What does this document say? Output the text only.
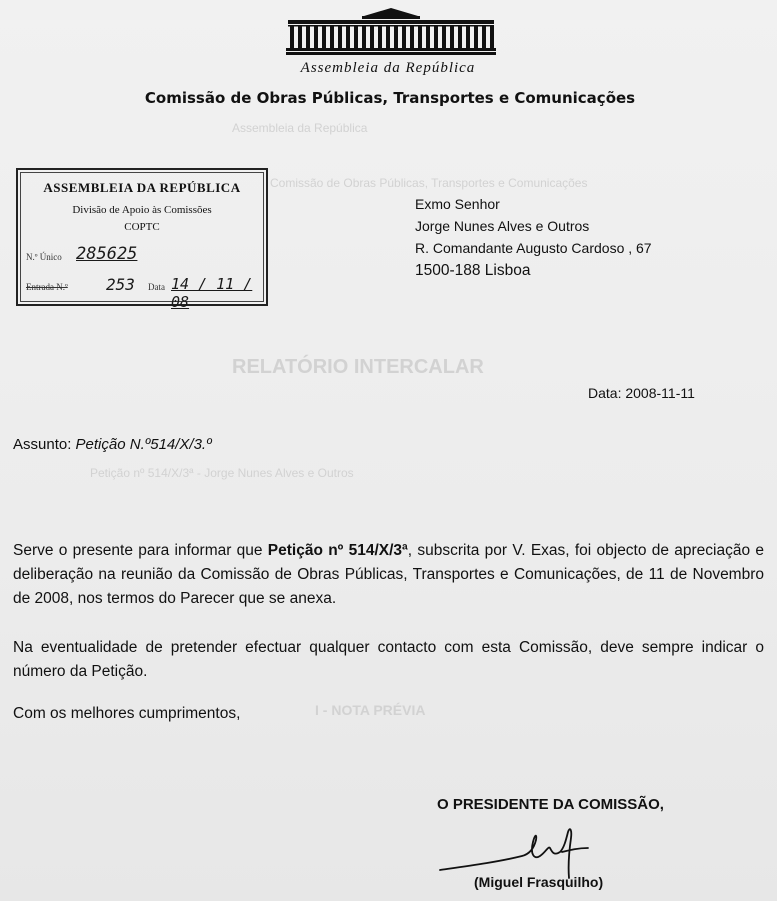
Assembleia da República
Comissão de Obras Públicas, Transportes e Comunicações
RELATÓRIO INTERCALAR
Petição nº 514/X/3ª - Jorge Nunes Alves e Outros
I - NOTA PRÉVIA
Assembleia da República
Comissão de Obras Públicas, Transportes e Comunicações
ASSEMBLEIA DA REPÚBLICA
Divisão de Apoio às Comissões
COPTC
N.º Único 285625
Entrada N.º 253 Data 14 / 11 / 08
Exmo Senhor
Jorge Nunes Alves e Outros
R. Comandante Augusto Cardoso , 67
1500-188 Lisboa
Data: 2008-11-11
Assunto: Petição N.º514/X/3.º
Serve o presente para informar que Petição nº 514/X/3ª, subscrita por V. Exas, foi objecto de apreciação e deliberação na reunião da Comissão de Obras Públicas, Transportes e Comunicações, de 11 de Novembro de 2008, nos termos do Parecer que se anexa.
Na eventualidade de pretender efectuar qualquer contacto com esta Comissão, deve sempre indicar o número da Petição.
Com os melhores cumprimentos,
O PRESIDENTE DA COMISSÃO,
(Miguel Frasquilho)
